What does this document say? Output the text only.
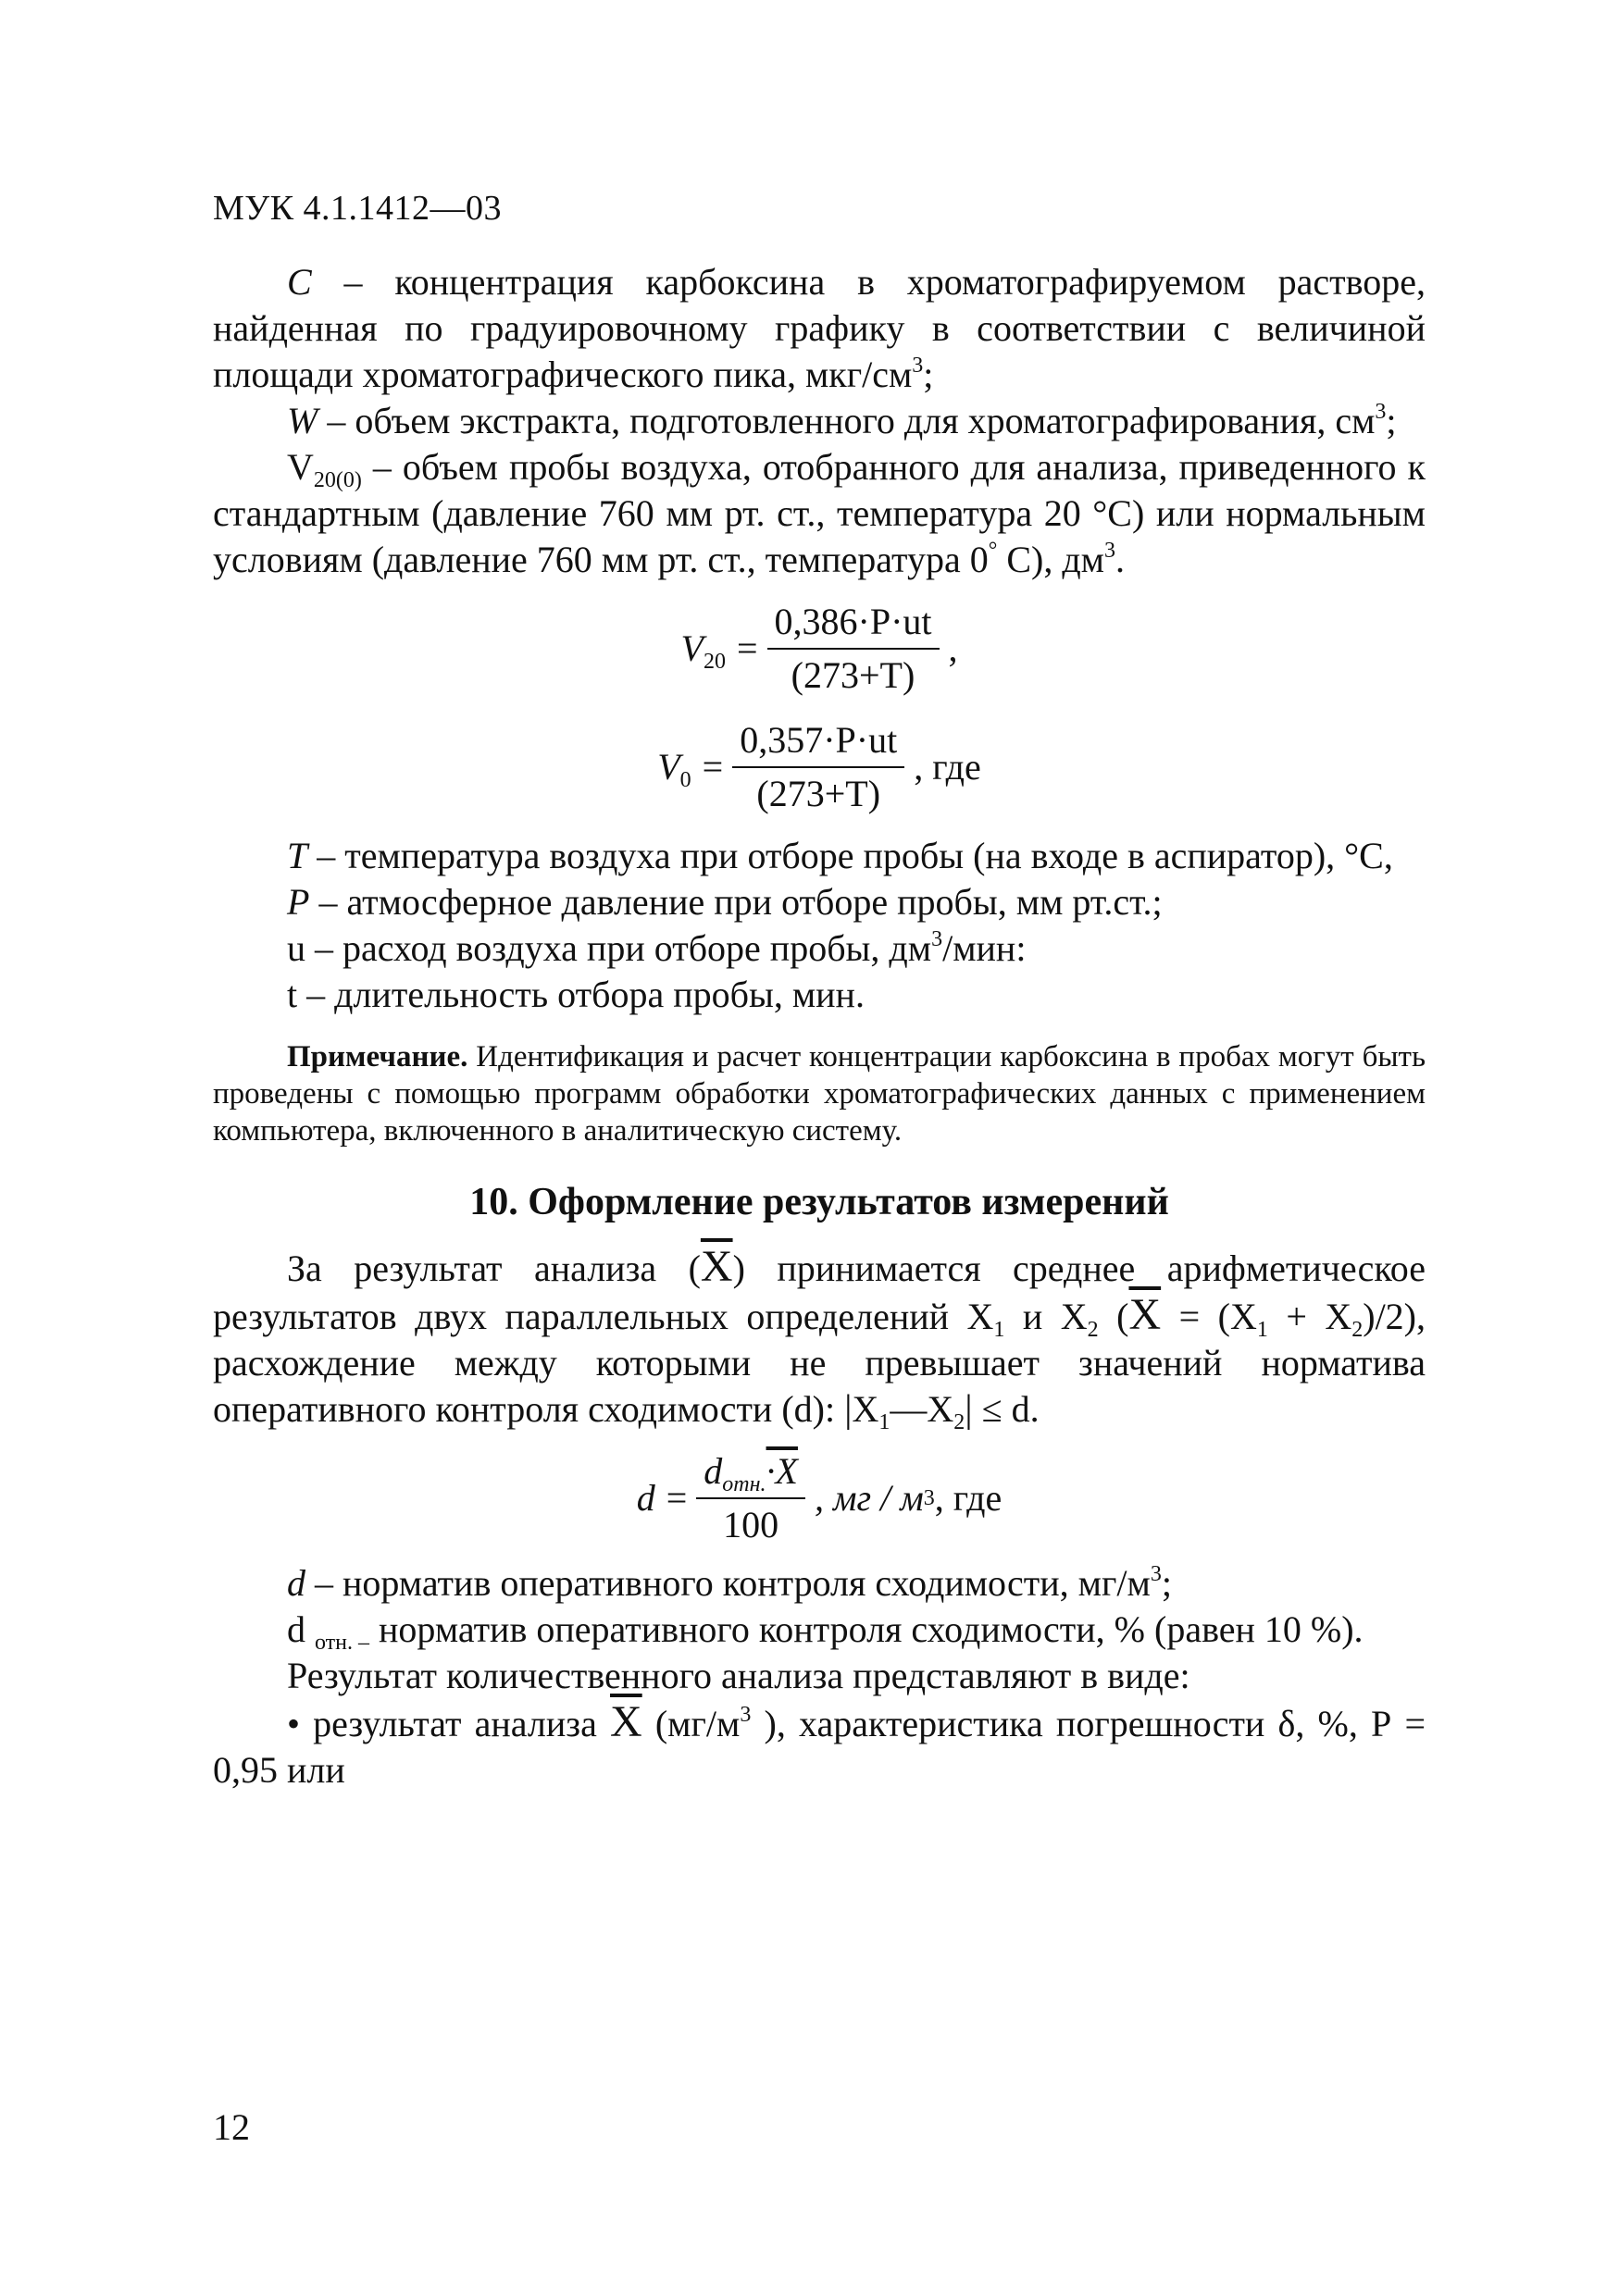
МУК 4.1.1412—03

C – концентрация карбоксина в хроматографируемом растворе, найденная по градуировочному графику в соответствии с величиной площади хроматографического пика, мкг/$см^3$;

W – объем экстракта, подготовленного для хроматографирования, $см^3$;

$V_{20(0)}$ – объем пробы воздуха, отобранного для анализа, приведенного к стандартным (давление 760 мм рт. ст., температура 20 °С) или нормальным условиям (давление 760 мм рт. ст., температура 0° С), $дм^3$.

$V_{20} = \frac{0,386\cdot P\cdot ut}{(273+T)}$ ,
$V_0 = \frac{0,357\cdot P\cdot ut}{(273+T)}$ , где

T – температура воздуха при отборе пробы (на входе в аспиратор), °С,

P – атмосферное давление при отборе пробы, мм рт.ст.;

u – расход воздуха при отборе пробы, $дм^3$/мин:

t – длительность отбора пробы, мин.

Примечание. Идентификация и расчет концентрации карбоксина в пробах могут быть проведены с помощью программ обработки хроматографических данных с применением компьютера, включенного в аналитическую систему.
10. Оформление результатов измерений

За результат анализа $(\overline{X})$ принимается среднее арифметическое результатов двух параллельных определений $X_1$ и $X_2$ $(\overline{X} = (X_1 + X_2)/2)$, расхождение между которыми не превышает значений норматива оперативного контроля сходимости (d): $|X_1—X_2| \le d$.

$d = \frac{d_{отн.}\cdot X}{100}$ , мг / м 3 , где

d – норматив оперативного контроля сходимости, $мг/м^3$;

d $_{отн. -}$ норматив оперативного контроля сходимости, % (равен 10 %).

Результат количественного анализа представляют в виде:

• результат анализа $\overline{X}$ ($мг/м^3$ ), характеристика погрешности δ, %, Р = 0,95 или

12
